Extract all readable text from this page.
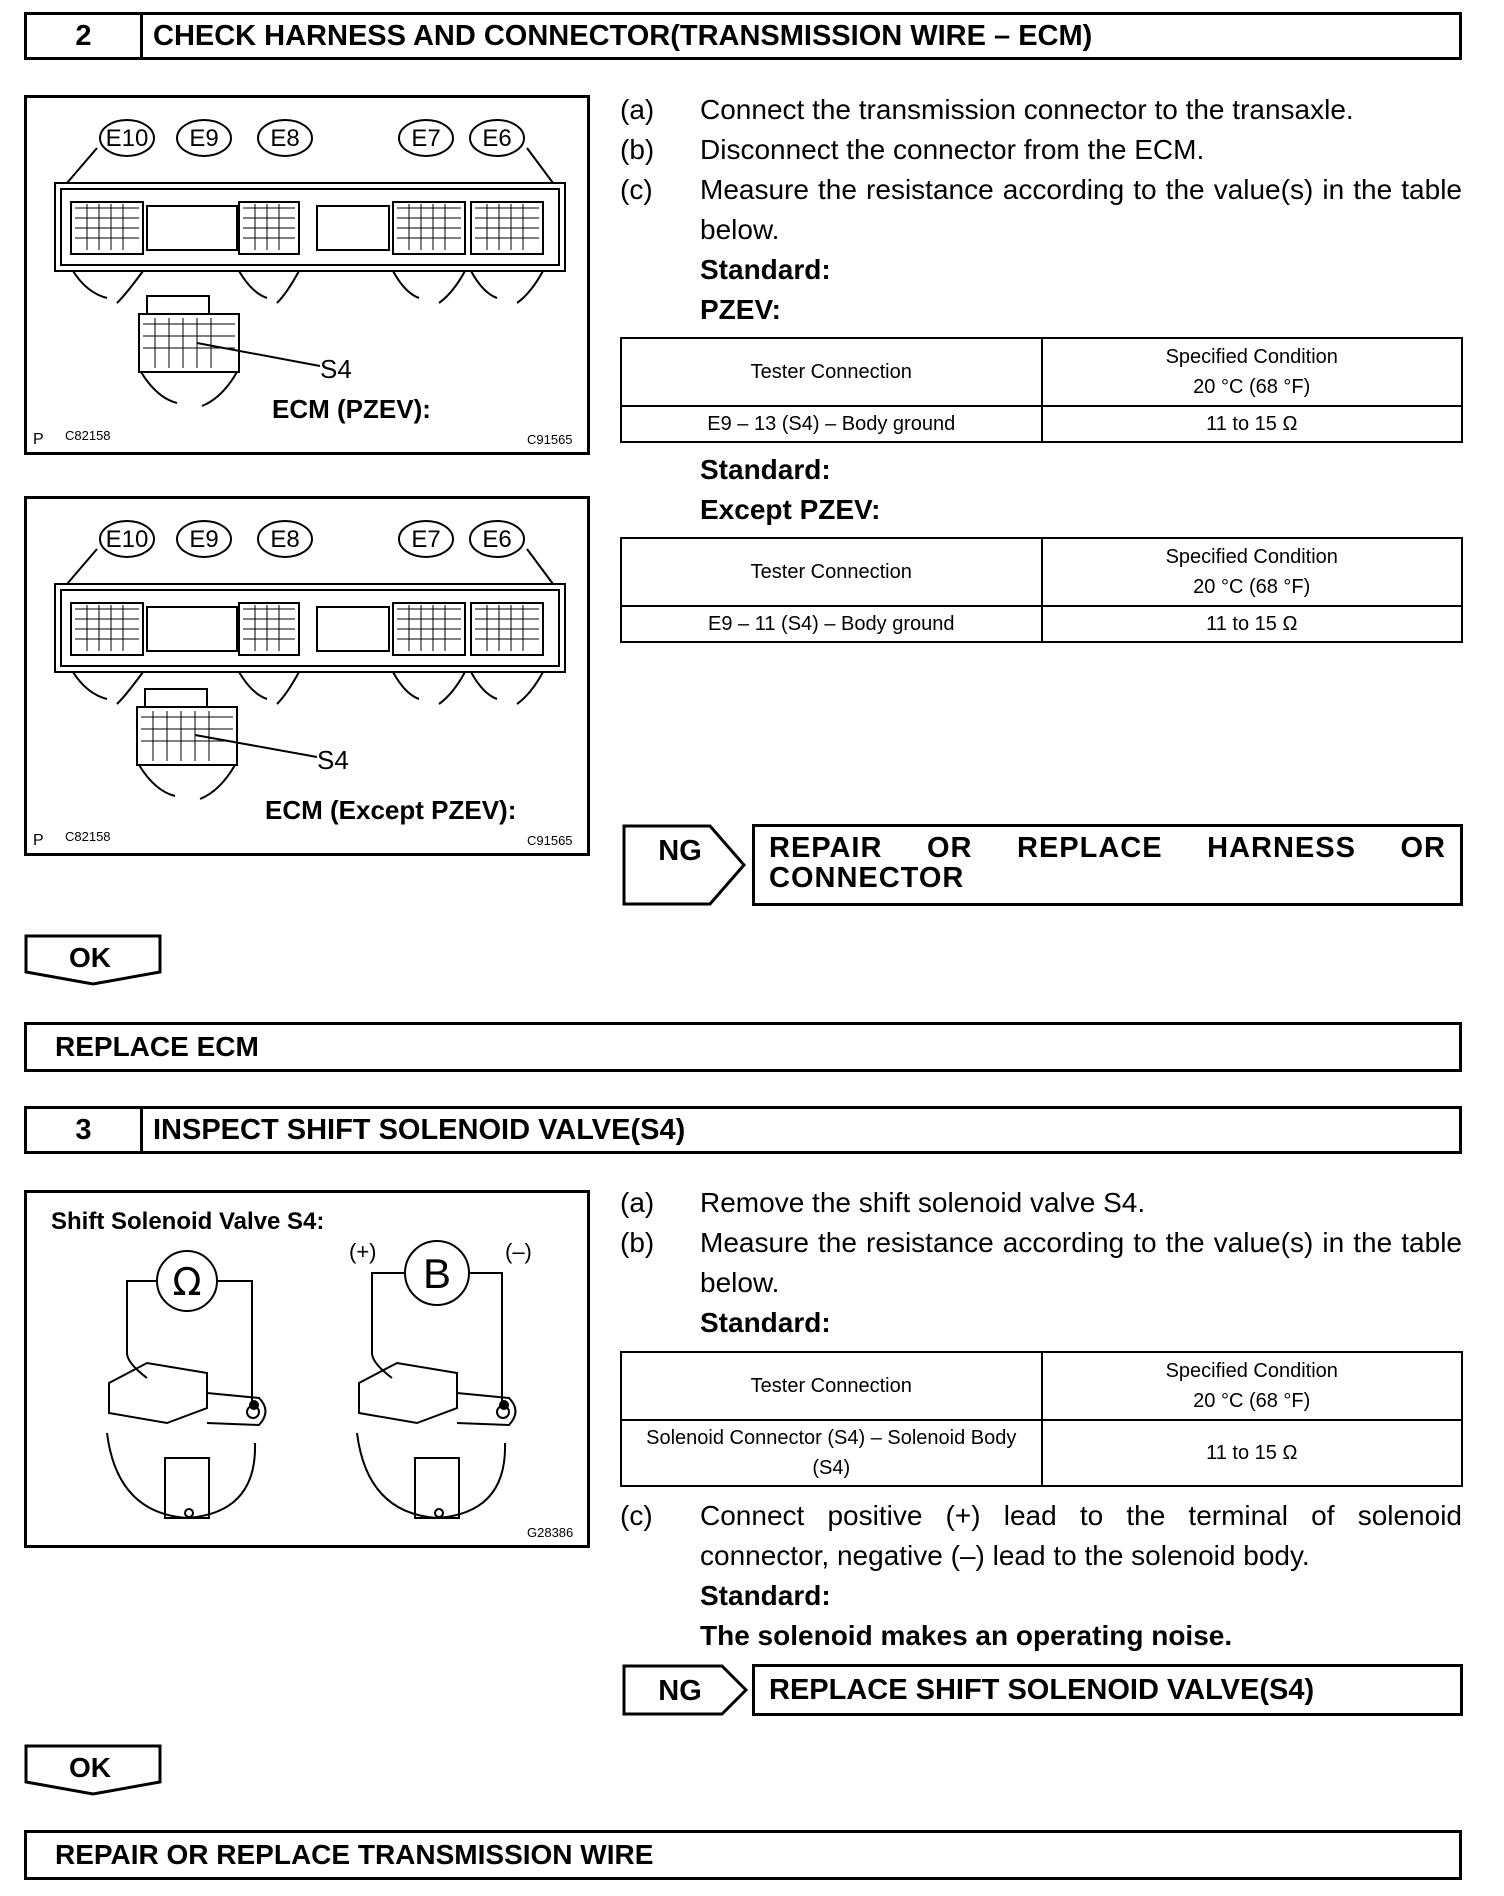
2	CHECK HARNESS AND CONNECTOR(TRANSMISSION WIRE – ECM)
E10 E9 E8	E7 E6
S4
ECM (PZEV):
P C82158	C91565
E10 E9 E8	E7 E6
S4
ECM (Except PZEV):
P C82158	C91565
(a)	Connect the transmission connector to the transaxle.
(b)	Disconnect the connector from the ECM.
(c)	Measure the resistance according to the value(s) in the table below.
Standard:
PZEV:
Tester Connection	Specified Condition
20 °C (68 °F)

E9 – 13 (S4) – Body ground	11 to 15 Ω
Standard:
Except PZEV:
Tester Connection	Specified Condition
20 °C (68 °F)

E9 – 11 (S4) – Body ground	11 to 15 Ω
NG REPAIR OR REPLACE HARNESS OR CONNECTOR
OK
REPLACE ECM
3	INSPECT SHIFT SOLENOID VALVE(S4)
Shift Solenoid Valve S4:
Ω	B
(+)	(–)
G28386
(a)	Remove the shift solenoid valve S4.
(b)	Measure the resistance according to the value(s) in the table below.
Standard:
Tester Connection	Specified Condition
20 °C (68 °F)

Solenoid Connector (S4) – Solenoid Body (S4)	11 to 15 Ω
(c)	Connect positive (+) lead to the terminal of solenoid connector, negative (–) lead to the solenoid body.
Standard:
The solenoid makes an operating noise.
NG REPLACE SHIFT SOLENOID VALVE(S4)
OK
REPAIR OR REPLACE TRANSMISSION WIRE
